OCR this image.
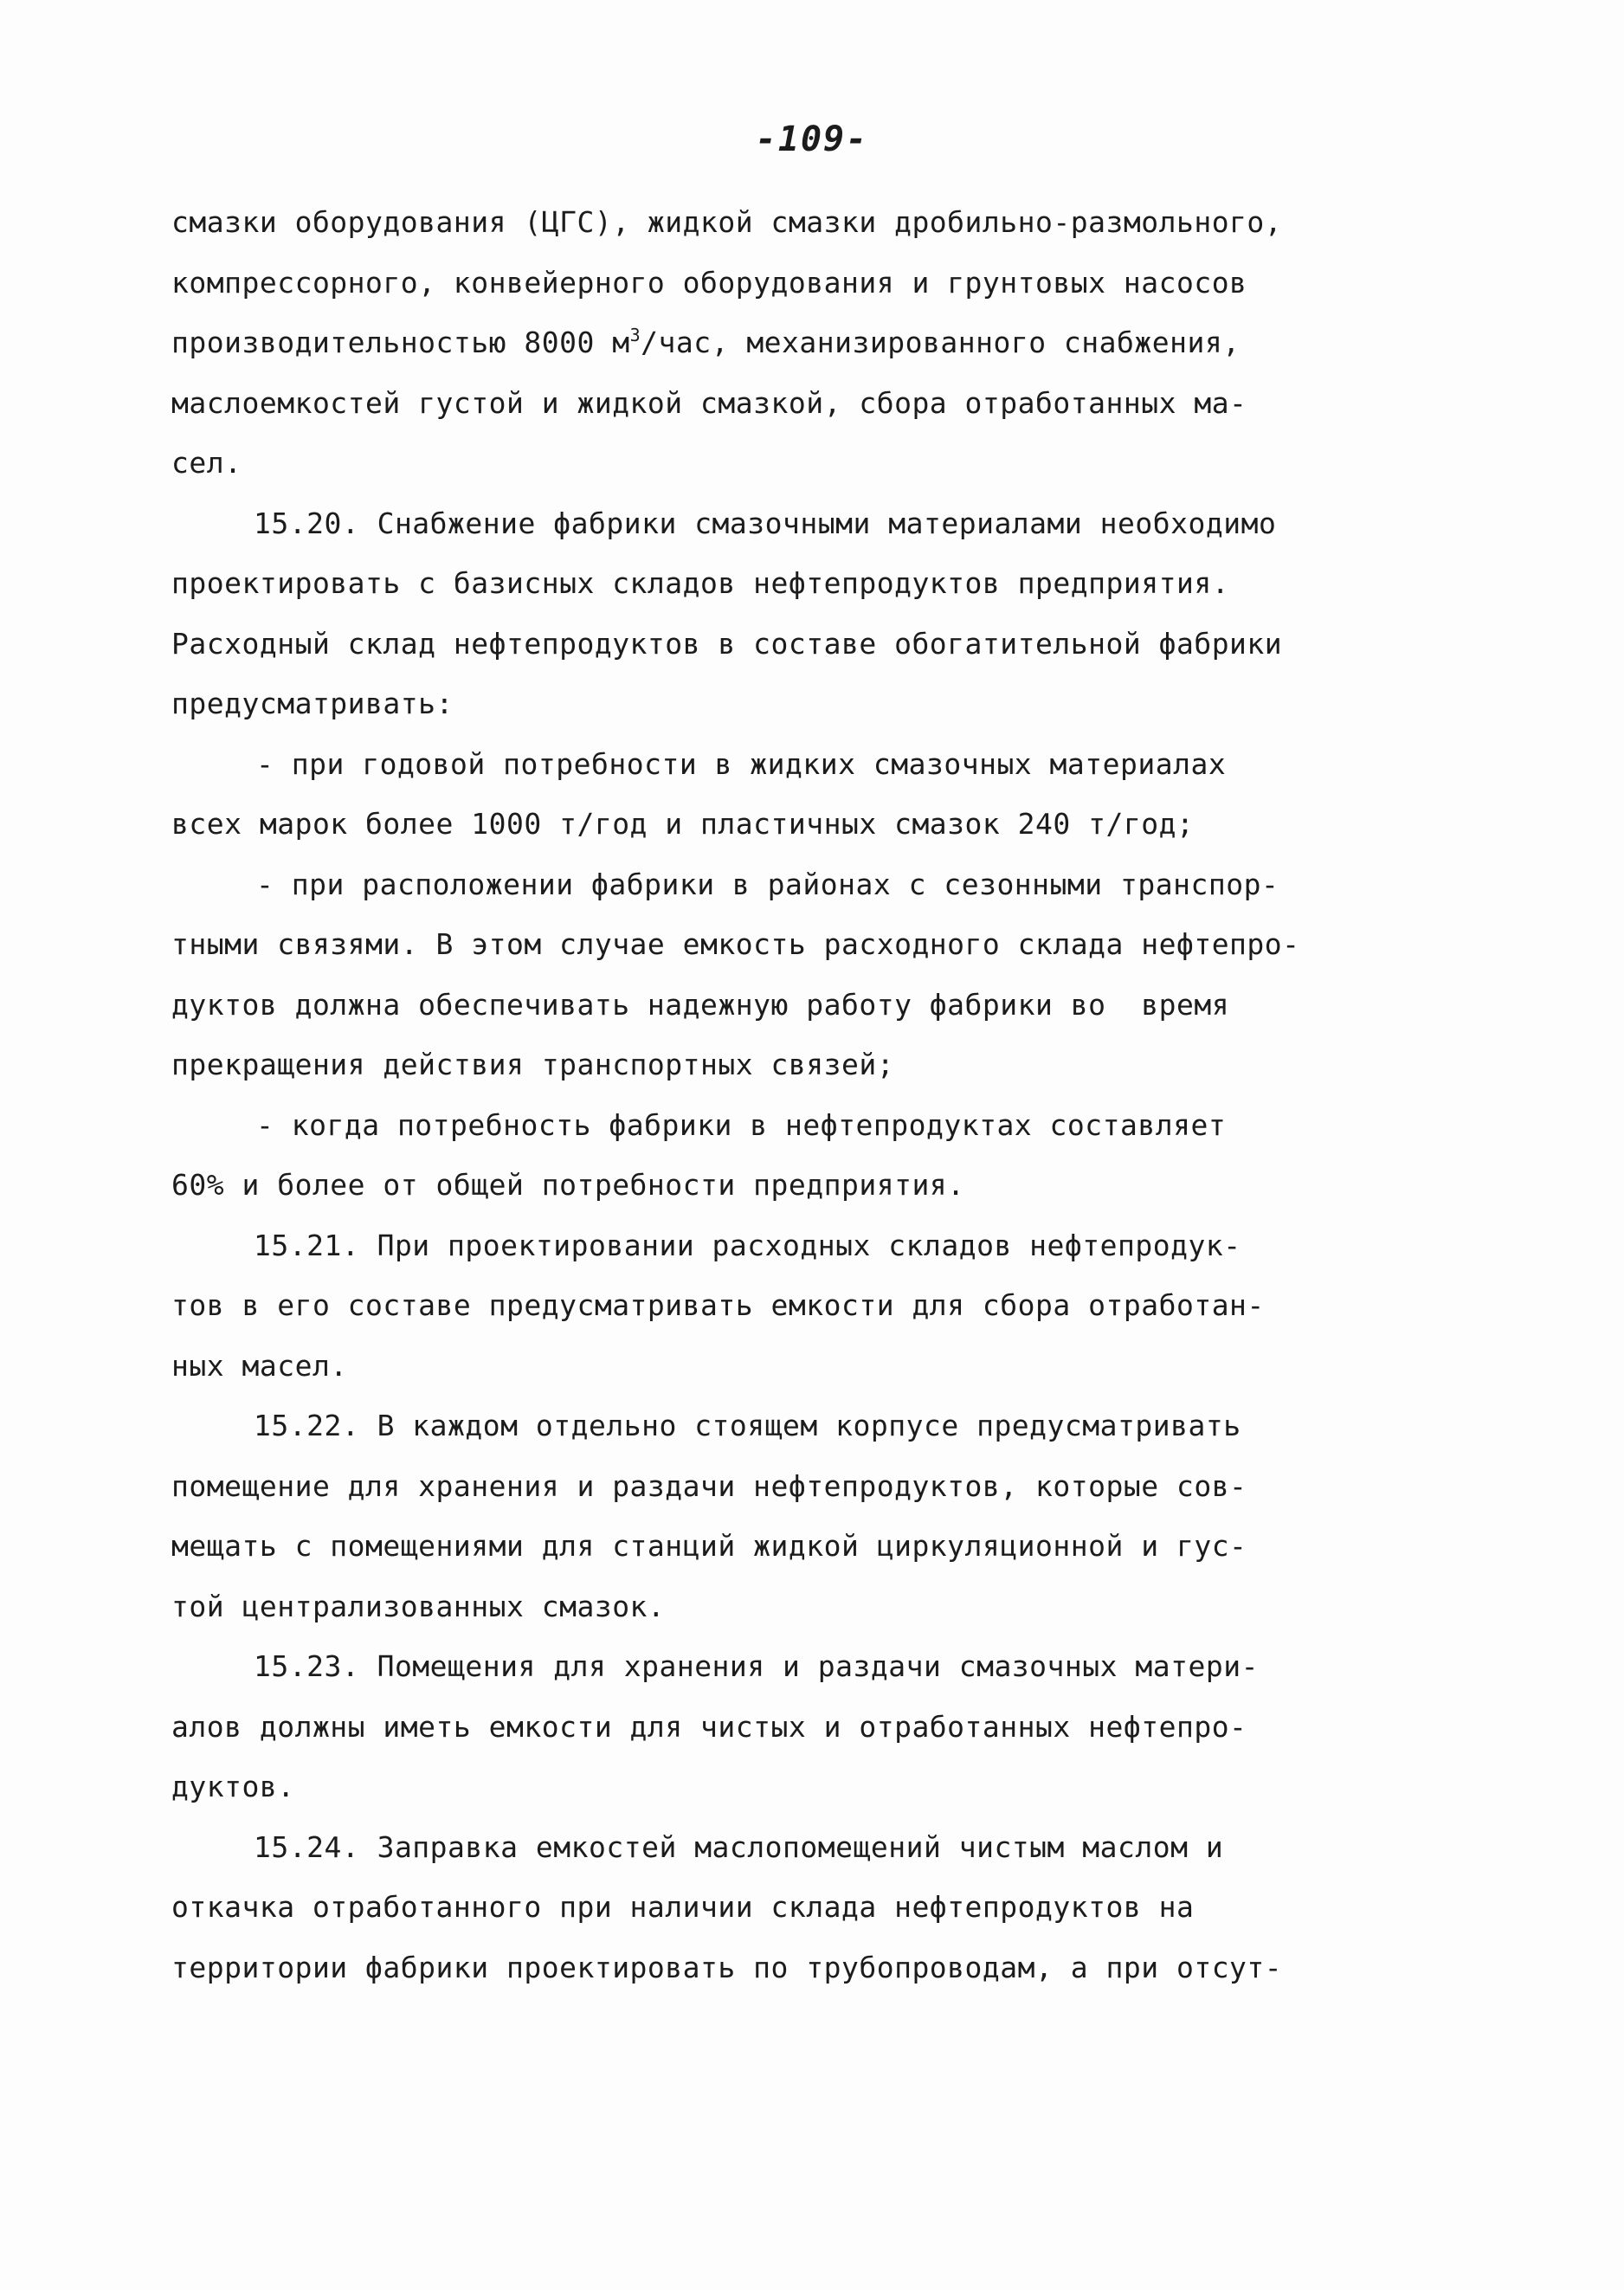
-109-
смазки оборудования (ЦГС), жидкой смазки дробильно-размольного,
компрессорного, конвейерного оборудования и грунтовых насосов
производительностью 8000 $м^3$/час, механизированного снабжения,
маслоемкостей густой и жидкой смазкой, сбора отработанных ма-
сел.
15.20. Снабжение фабрики смазочными материалами необходимо
проектировать с базисных складов нефтепродуктов предприятия.
Расходный склад нефтепродуктов в составе обогатительной фабрики
предусматривать:
- при годовой потребности в жидких смазочных материалах
всех марок более 1000 т/год и пластичных смазок 240 т/год;
- при расположении фабрики в районах с сезонными транспор-
тными связями. В этом случае емкость расходного склада нефтепро-
дуктов должна обеспечивать надежную работу фабрики во  время
прекращения действия транспортных связей;
- когда потребность фабрики в нефтепродуктах составляет
60% и более от общей потребности предприятия.
15.21. При проектировании расходных складов нефтепродук-
тов в его составе предусматривать емкости для сбора отработан-
ных масел.
15.22. В каждом отдельно стоящем корпусе предусматривать
помещение для хранения и раздачи нефтепродуктов, которые сов-
мещать с помещениями для станций жидкой циркуляционной и гус-
той централизованных смазок.
15.23. Помещения для хранения и раздачи смазочных матери-
алов должны иметь емкости для чистых и отработанных нефтепро-
дуктов.
15.24. Заправка емкостей маслопомещений чистым маслом и
откачка отработанного при наличии склада нефтепродуктов на
территории фабрики проектировать по трубопроводам, а при отсут-
